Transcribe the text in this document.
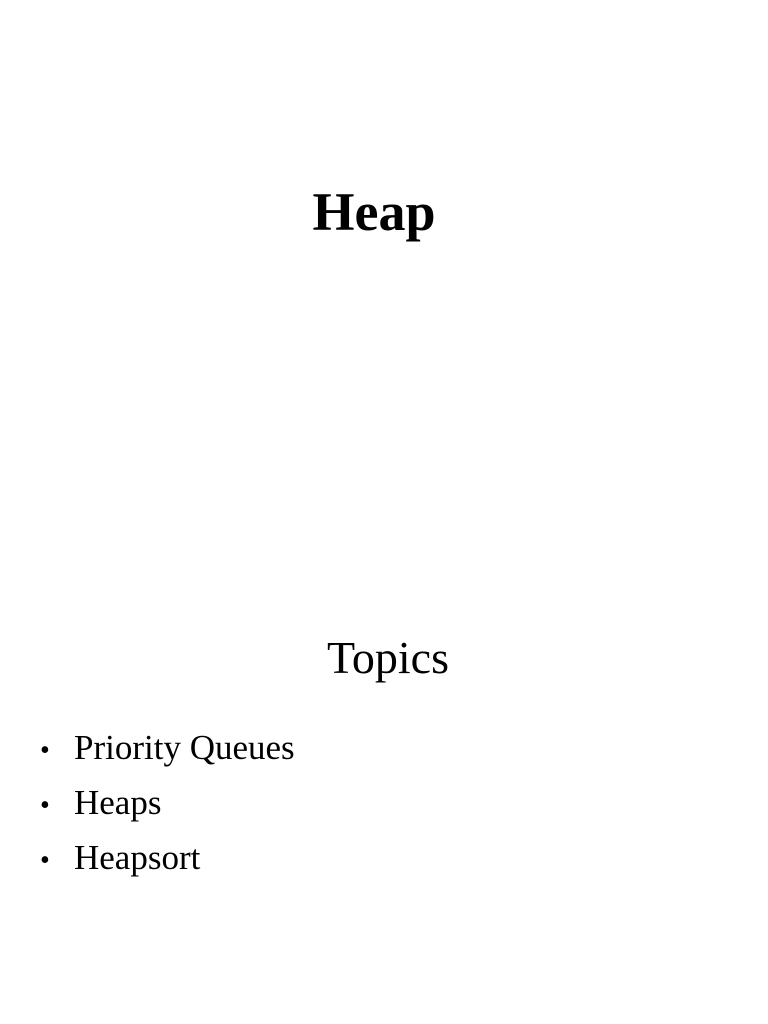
Heap
Topics
• Priority Queues
• Heaps
• Heapsort
